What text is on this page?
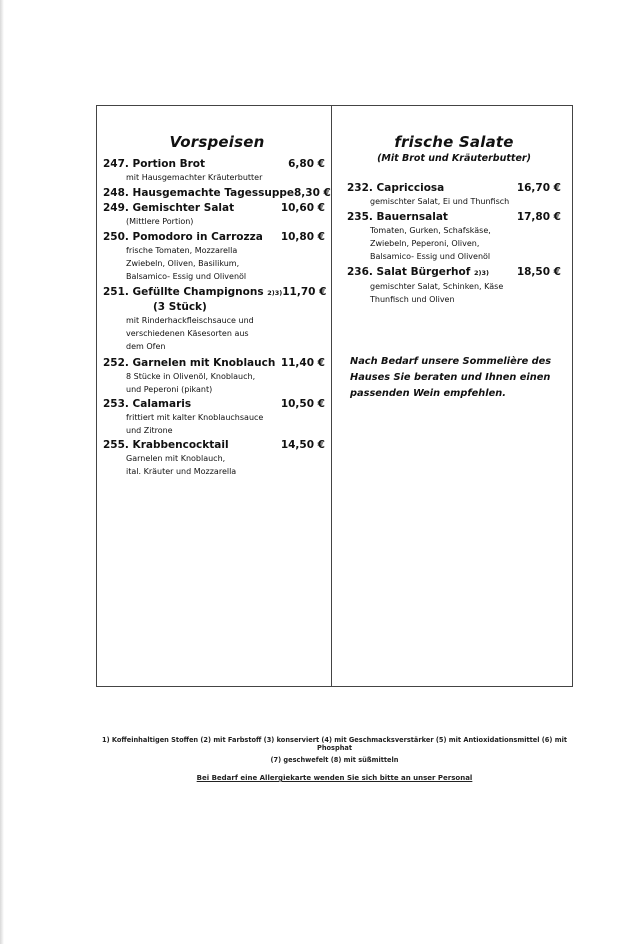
Vorspeisen
247. Portion Brot	6,80 €
mit Hausgemachter Kräuterbutter
248. Hausgemachte Tagessuppe 8,30 €
249. Gemischter Salat	10,60 €
(Mittlere Portion)
250. Pomodoro in Carrozza 10,80 €
frische Tomaten, Mozzarella
Zwiebeln, Oliven, Basilikum,
Balsamico- Essig und Olivenöl
251. Gefüllte Champignons 2)3) 11,70 €
(3 Stück)
mit Rinderhackfleischsauce und
verschiedenen Käsesorten aus
dem Ofen
252. Garnelen mit Knoblauch 11,40 €
8 Stücke in Olivenöl, Knoblauch,
und Peperoni (pikant)
253. Calamaris	10,50 €
frittiert mit kalter Knoblauchsauce
und Zitrone
255. Krabbencocktail	14,50 €
Garnelen mit Knoblauch,
ital. Kräuter und Mozzarella
frische Salate
(Mit Brot und Kräuterbutter)
232. Capricciosa	16,70 €
gemischter Salat, Ei und Thunfisch
235. Bauernsalat	17,80 €
Tomaten, Gurken, Schafskäse,
Zwiebeln, Peperoni, Oliven,
Balsamico- Essig und Olivenöl
236. Salat Bürgerhof 2)3)	18,50 €
gemischter Salat, Schinken, Käse
Thunfisch und Oliven
Nach Bedarf unsere Sommelière des
Hauses Sie beraten und Ihnen einen
passenden Wein empfehlen.
1) Koffeinhaltigen Stoffen (2) mit Farbstoff (3) konserviert (4) mit Geschmacksverstärker (5) mit Antioxidationsmittel (6) mit Phosphat
(7) geschwefelt (8) mit süßmitteln
Bei Bedarf eine Allergiekarte wenden Sie sich bitte an unser Personal
